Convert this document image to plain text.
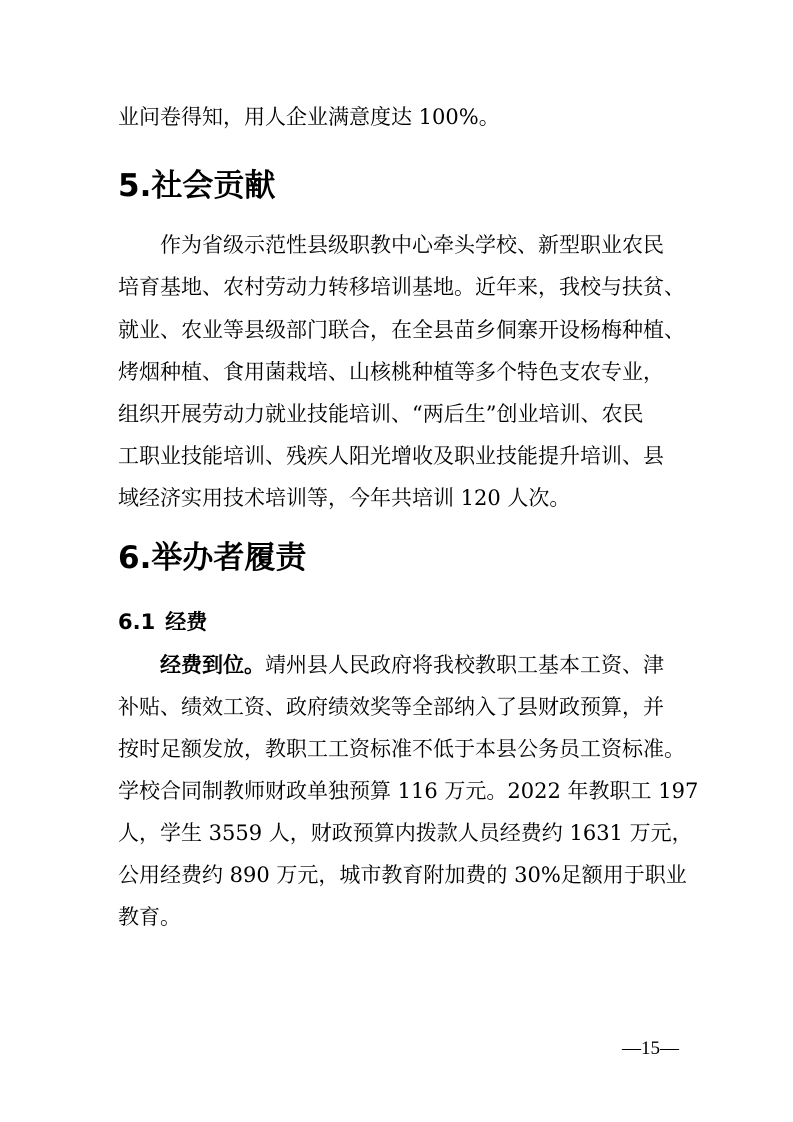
业问卷得知，用人企业满意度达 100%。

5.社会贡献

作为省级示范性县级职教中心牵头学校、新型职业农民

培育基地、农村劳动力转移培训基地。近年来，我校与扶贫、

就业、农业等县级部门联合，在全县苗乡侗寨开设杨梅种植、

烤烟种植、食用菌栽培、山核桃种植等多个特色支农专业，

组织开展劳动力就业技能培训、“两后生”创业培训、农民

工职业技能培训、残疾人阳光增收及职业技能提升培训、县

域经济实用技术培训等，今年共培训 120 人次。

6.举办者履责
6.1 经费

经费到位。靖州县人民政府将我校教职工基本工资、津

补贴、绩效工资、政府绩效奖等全部纳入了县财政预算，并

按时足额发放，教职工工资标准不低于本县公务员工资标准。

学校合同制教师财政单独预算 116 万元。2022 年教职工 197

人，学生 3559 人，财政预算内拨款人员经费约 1631 万元，

公用经费约 890 万元，城市教育附加费的 30%足额用于职业

教育。

—15—
